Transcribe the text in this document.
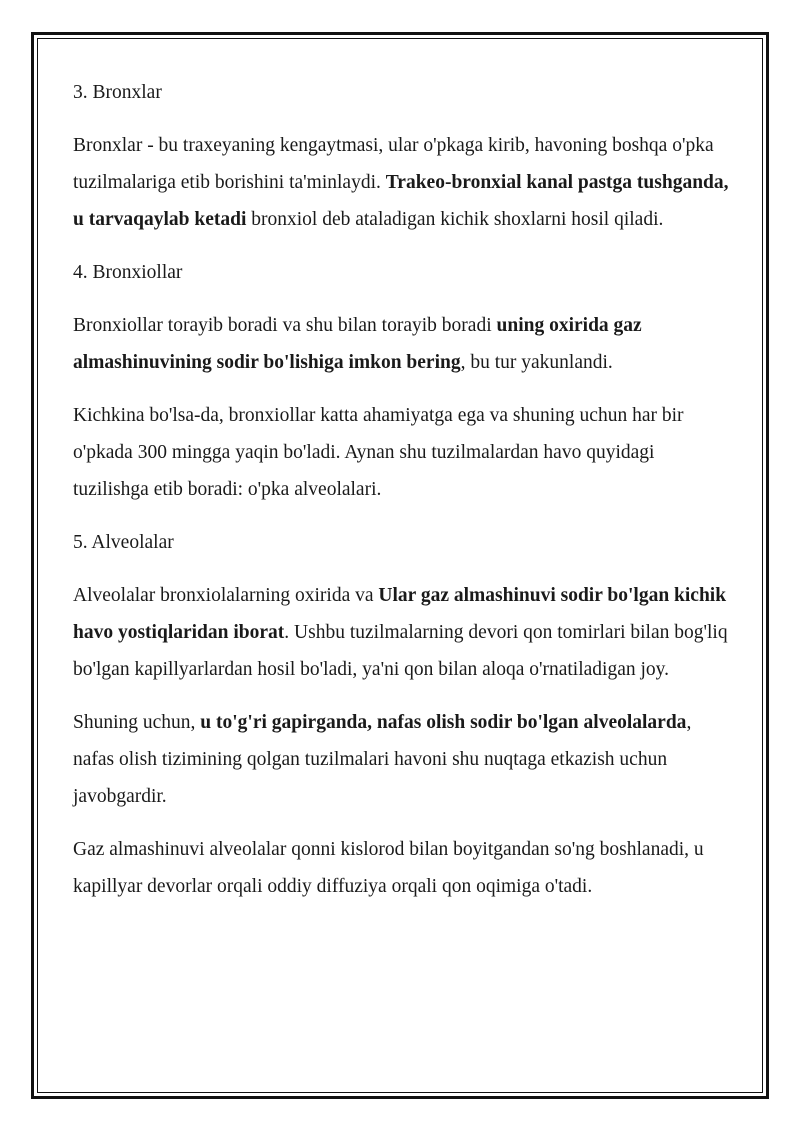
3. Bronxlar

Bronxlar - bu traxeyaning kengaytmasi, ular o'pkaga kirib, havoning boshqa o'pka tuzilmalariga etib borishini ta'minlaydi. Trakeo-bronxial kanal pastga tushganda, u tarvaqaylab ketadi bronxiol deb ataladigan kichik shoxlarni hosil qiladi.

4. Bronxiollar

Bronxiollar torayib boradi va shu bilan torayib boradi uning oxirida gaz almashinuvining sodir bo'lishiga imkon bering, bu tur yakunlandi.

Kichkina bo'lsa-da, bronxiollar katta ahamiyatga ega va shuning uchun har bir o'pkada 300 mingga yaqin bo'ladi. Aynan shu tuzilmalardan havo quyidagi tuzilishga etib boradi: o'pka alveolalari.

5. Alveolalar

Alveolalar bronxiolalarning oxirida va Ular gaz almashinuvi sodir bo'lgan kichik havo yostiqlaridan iborat. Ushbu tuzilmalarning devori qon tomirlari bilan bog'liq bo'lgan kapillyarlardan hosil bo'ladi, ya'ni qon bilan aloqa o'rnatiladigan joy.

Shuning uchun, u to'g'ri gapirganda, nafas olish sodir bo'lgan alveolalarda, nafas olish tizimining qolgan tuzilmalari havoni shu nuqtaga etkazish uchun javobgardir.

Gaz almashinuvi alveolalar qonni kislorod bilan boyitgandan so'ng boshlanadi, u kapillyar devorlar orqali oddiy diffuziya orqali qon oqimiga o'tadi.
